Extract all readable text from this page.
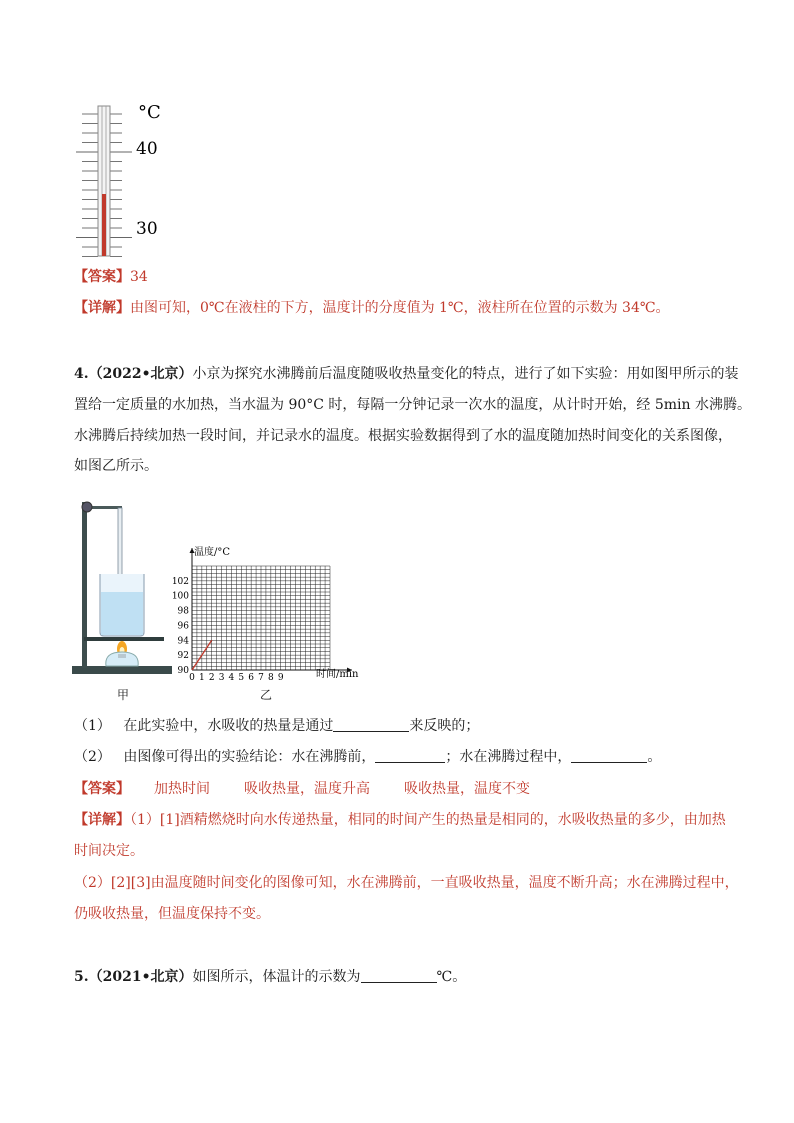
°C
40
30
【答案】34
【详解】由图可知，0℃在液柱的下方，温度计的分度值为 1℃，液柱所在位置的示数为 34℃。
4.（2022•北京）小京为探究水沸腾前后温度随吸收热量变化的特点，进行了如下实验：用如图甲所示的装
置给一定质量的水加热，当水温为 90°C 时，每隔一分钟记录一次水的温度，从计时开始，经 5min 水沸腾。
水沸腾后持续加热一段时间，并记录水的温度。根据实验数据得到了水的温度随加热时间变化的关系图像，
如图乙所示。
甲
90
92
94
96
98
100
102
0 1 2 3 4 5 6 7 8 9
温度/°C
时间/min
乙
（1） 在此实验中，水吸收的热量是通过	来反映的；
（2） 由图像可得出的实验结论：水在沸腾前，	；水在沸腾过程中，	。
【答案】 加热时间 吸收热量，温度升高 吸收热量，温度不变
【详解】（1）[1]酒精燃烧时向水传递热量，相同的时间产生的热量是相同的，水吸收热量的多少，由加热
时间决定。
（2）[2][3]由温度随时间变化的图像可知，水在沸腾前，一直吸收热量，温度不断升高；水在沸腾过程中，
仍吸收热量，但温度保持不变。
5.（2021•北京）如图所示，体温计的示数为	℃。
